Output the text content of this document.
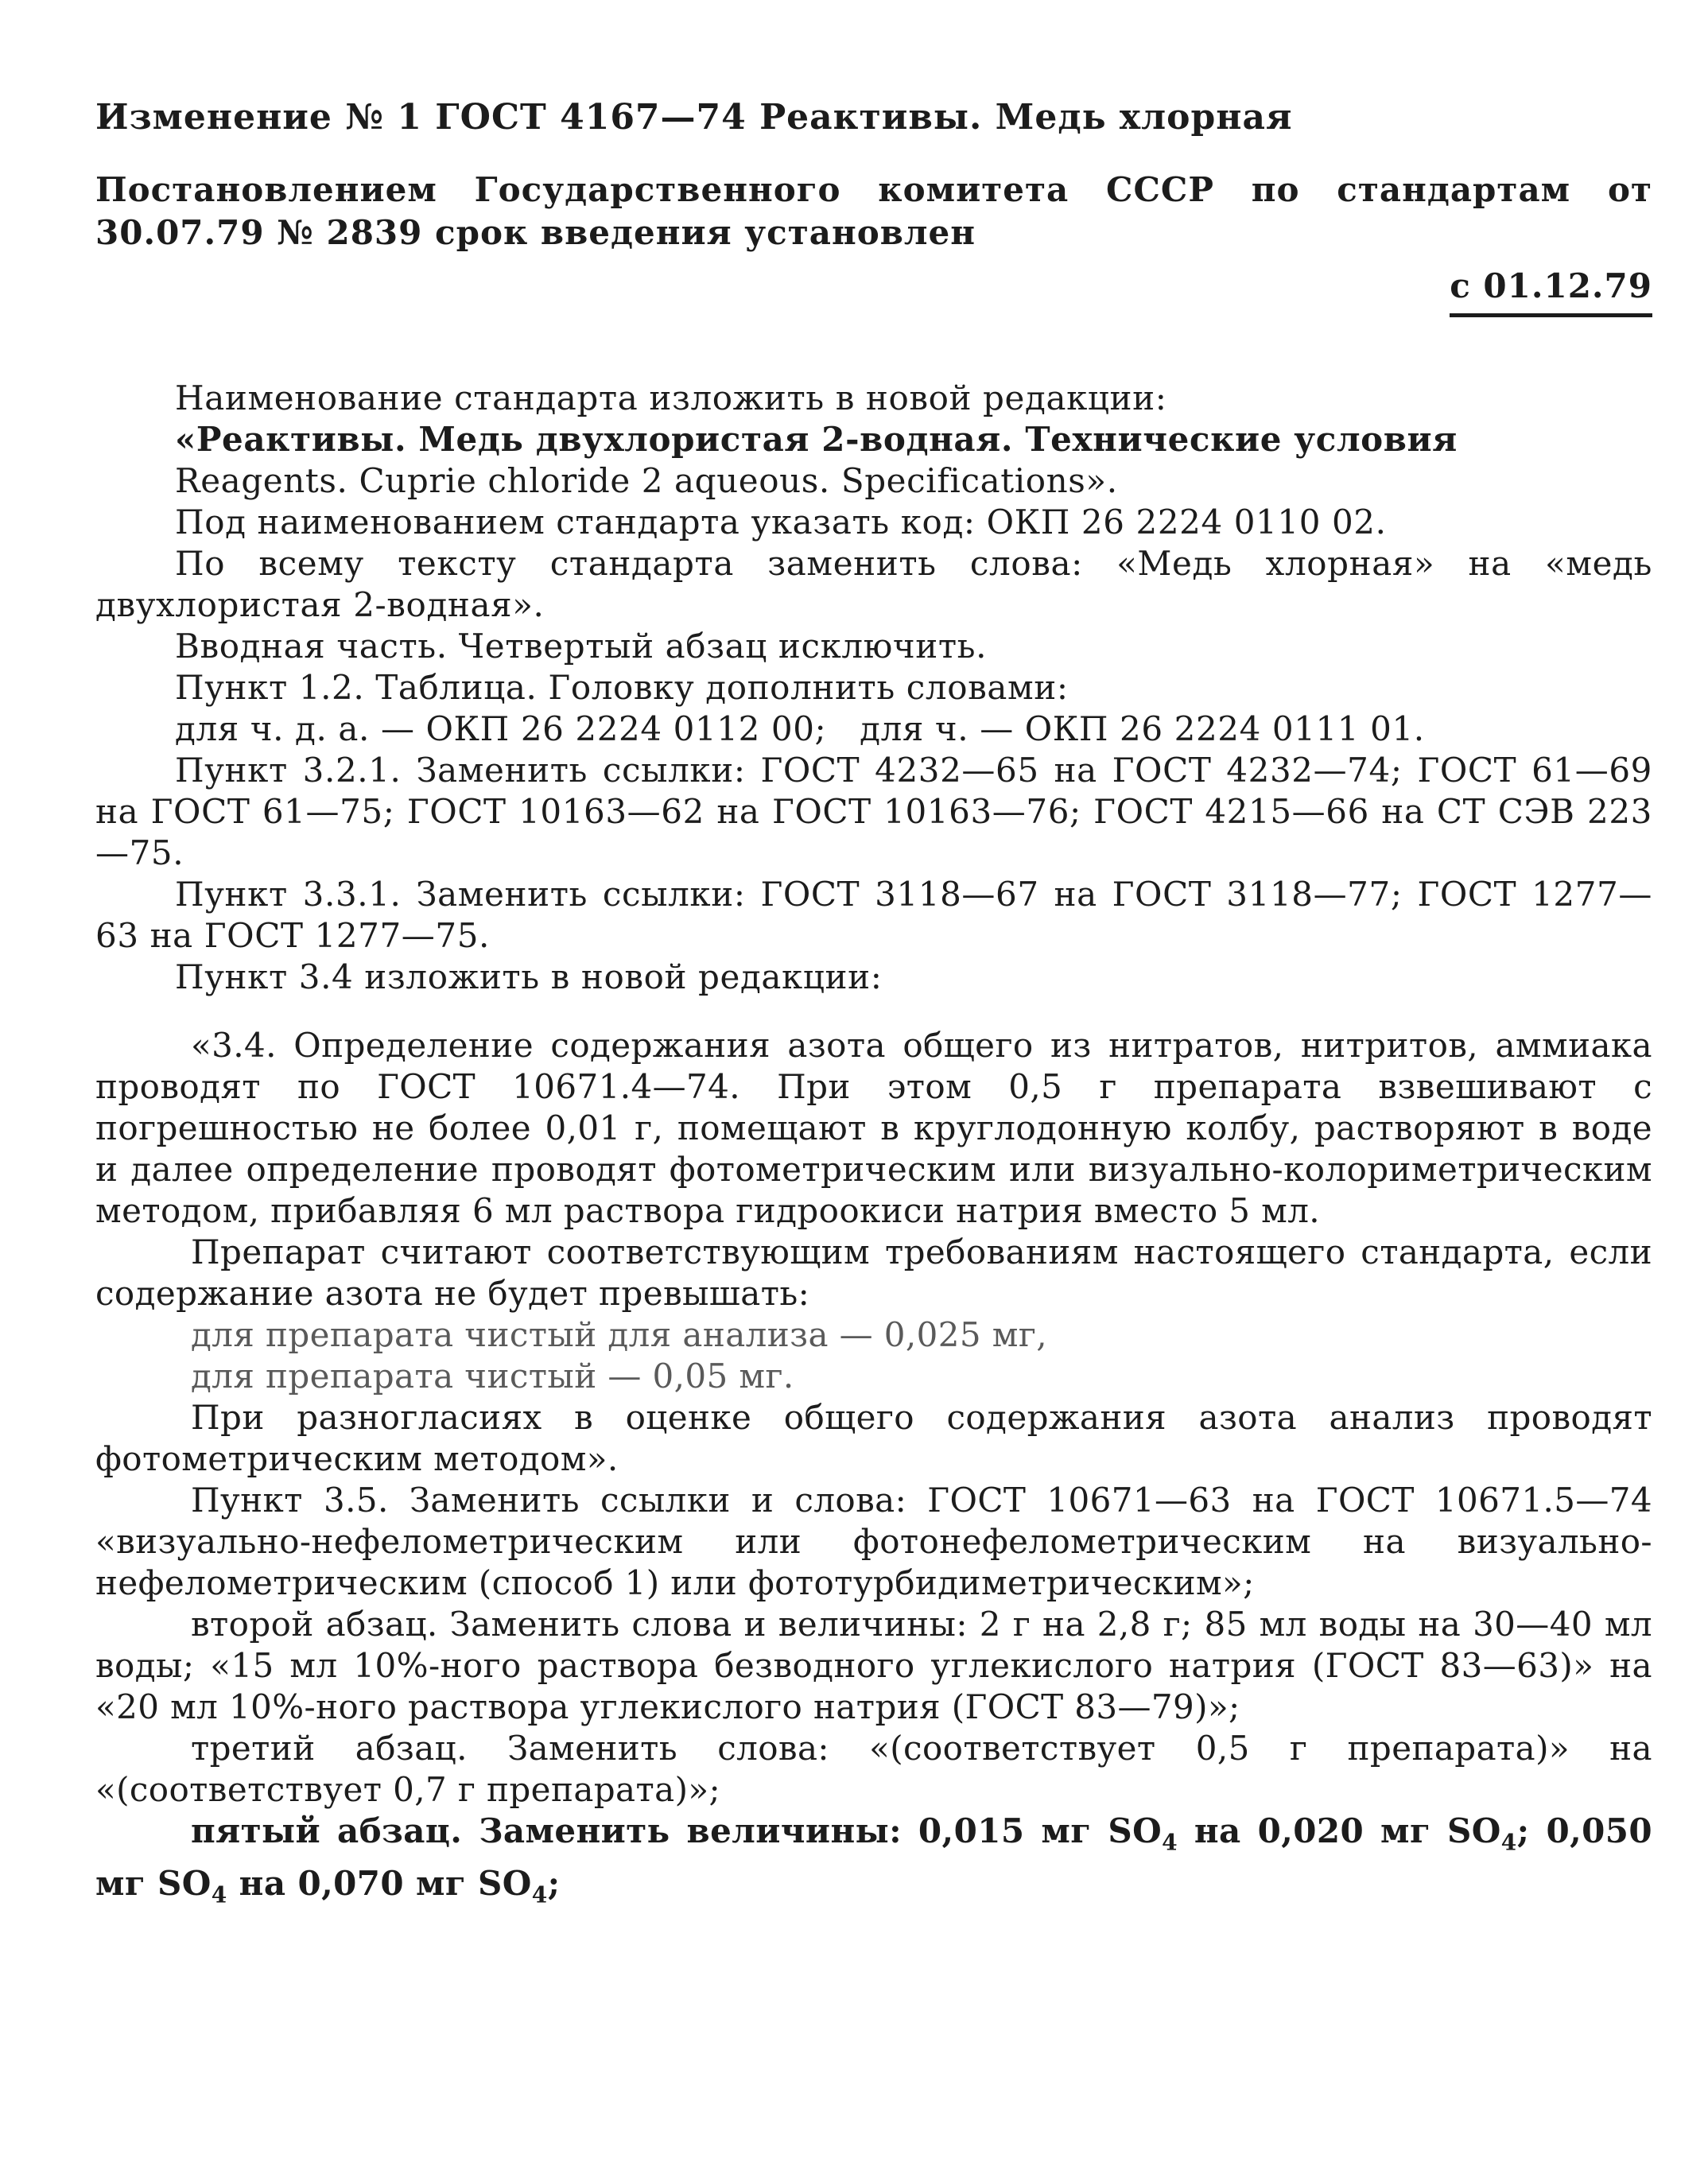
Изменение № 1 ГОСТ 4167—74 Реактивы. Медь хлорная

Постановлением Государственного комитета СССР по стандартам от 30.07.79 № 2839 срок введения установлен

с 01.12.79

Наименование стандарта изложить в новой редакции:

«Реактивы. Медь двухлористая 2-водная. Технические условия

Reagents. Cuprie chloride 2 aqueous. Specifications».

Под наименованием стандарта указать код: ОКП 26 2224 0110 02.

По всему тексту стандарта заменить слова: «Медь хлорная» на «медь двухлористая 2-водная».

Вводная часть. Четвертый абзац исключить.

Пункт 1.2. Таблица. Головку дополнить словами:

для ч. д. а. — ОКП 26 2224 0112 00;   для ч. — ОКП 26 2224 0111 01.

Пункт 3.2.1. Заменить ссылки: ГОСТ 4232—65 на ГОСТ 4232—74; ГОСТ 61—69 на ГОСТ 61—75; ГОСТ 10163—62 на ГОСТ 10163—76; ГОСТ 4215—66 на СТ СЭВ 223—75.

Пункт 3.3.1. Заменить ссылки: ГОСТ 3118—67 на ГОСТ 3118—77; ГОСТ 1277—63 на ГОСТ 1277—75.

Пункт 3.4 изложить в новой редакции:

«3.4. Определение содержания азота общего из нитратов, нитритов, аммиака проводят по ГОСТ 10671.4—74. При этом 0,5 г препарата взвешивают с погрешностью не более 0,01 г, помещают в круглодонную колбу, растворяют в воде и далее определение проводят фотометрическим или визуально-колориметрическим методом, прибавляя 6 мл раствора гидроокиси натрия вместо 5 мл.

Препарат считают соответствующим требованиям настоящего стандарта, если содержание азота не будет превышать:

для препарата чистый для анализа — 0,025 мг,

для препарата чистый — 0,05 мг.

При разногласиях в оценке общего содержания азота анализ проводят фотометрическим методом».

Пункт 3.5. Заменить ссылки и слова: ГОСТ 10671—63 на ГОСТ 10671.5—74 «визуально-нефелометрическим или фотонефелометрическим на визуально-нефелометрическим (способ 1) или фототурбидиметрическим»;

второй абзац. Заменить слова и величины: 2 г на 2,8 г; 85 мл воды на 30—40 мл воды; «15 мл 10%-ного раствора безводного углекислого натрия (ГОСТ 83—63)» на «20 мл 10%-ного раствора углекислого натрия (ГОСТ 83—79)»;

третий абзац. Заменить слова: «(соответствует 0,5 г препарата)» на «(соответствует 0,7 г препарата)»;

пятый абзац. Заменить величины: 0,015 мг $SO_4$ на 0,020 мг $SO_4$; 0,050 мг $SO_4$ на 0,070 мг $SO_4$;
